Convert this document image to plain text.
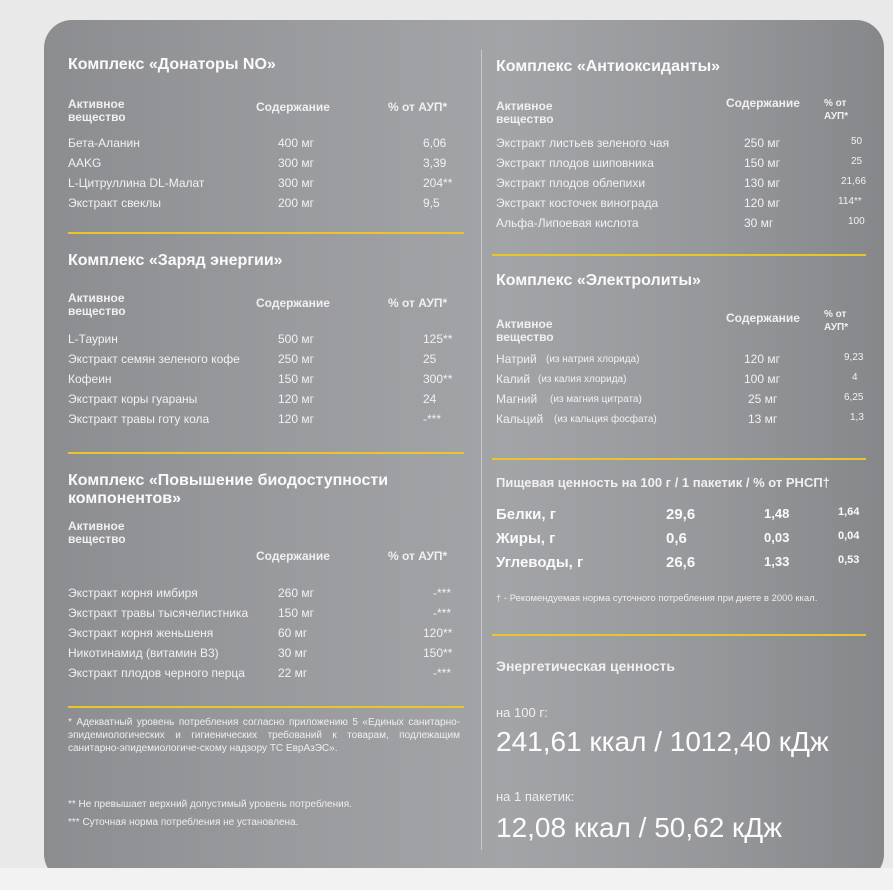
Комплекс «Донаторы NO»
Активное вещество
Содержание	% от АУП*
Бета-Аланин	400 мг	6,06
AAKG	300 мг	3,39
L-Цитруллина DL-Малат	300 мг	204**
Экстракт свеклы	200 мг	9,5
Комплекс «Заряд энергии»
Активное вещество
Содержание	% от АУП*
L-Таурин	500 мг	125**
Экстракт семян зеленого кофе	250 мг	25
Кофеин	150 мг	300**
Экстракт коры гуараны	120 мг	24
Экстракт травы готу кола	120 мг	-***
Комплекс «Повышение биодоступности компонентов»
Активное вещество
Содержание	% от АУП*
Экстракт корня имбиря	260 мг	-***
Экстракт травы тысячелистника 150 мг	-***
Экстракт корня женьшеня	60 мг	120**
Никотинамид (витамин В3)	30 мг	150**
Экстракт плодов черного перца	22 мг	-***
* Адекватный уровень потребления согласно приложению 5 «Единых санитарно-эпидемиологических и гигиенических требований к товарам, подлежащим санитарно-эпидемиологиче-скому надзору ТС ЕврАзЭС».
** Не превышает верхний допустимый уровень потребления.
*** Суточная норма потребления не установлена.
Комплекс «Антиоксиданты»
Активное вещество
Содержание % от АУП*
Экстракт листьев зеленого чая	250 мг	50
Экстракт плодов шиповника	150 мг	25
Экстракт плодов облепихи	130 мг	21,66
Экстракт косточек винограда	120 мг	114**
Альфа-Липоевая кислота	30 мг	100
Комплекс «Электролиты»
Активное вещество
Содержание % от АУП*
Натрий (из натрия хлорида)	120 мг	9,23
Калий (из калия хлорида)	100 мг	4
Магний (из магния цитрата)	25 мг	6,25
Кальций (из кальция фосфата)	13 мг	1,3
Пищевая ценность на 100 г / 1 пакетик / % от РНСП†
Белки, г	29,6	1,48	1,64
Жиры, г	0,6	0,03	0,04
Углеводы, г	26,6	1,33	0,53
† - Рекомендуемая норма суточного потребления при диете в 2000 ккал.
Энергетическая ценность
на 100 г:
241,61 ккал / 1012,40 кДж
на 1 пакетик:
12,08 ккал / 50,62 кДж
